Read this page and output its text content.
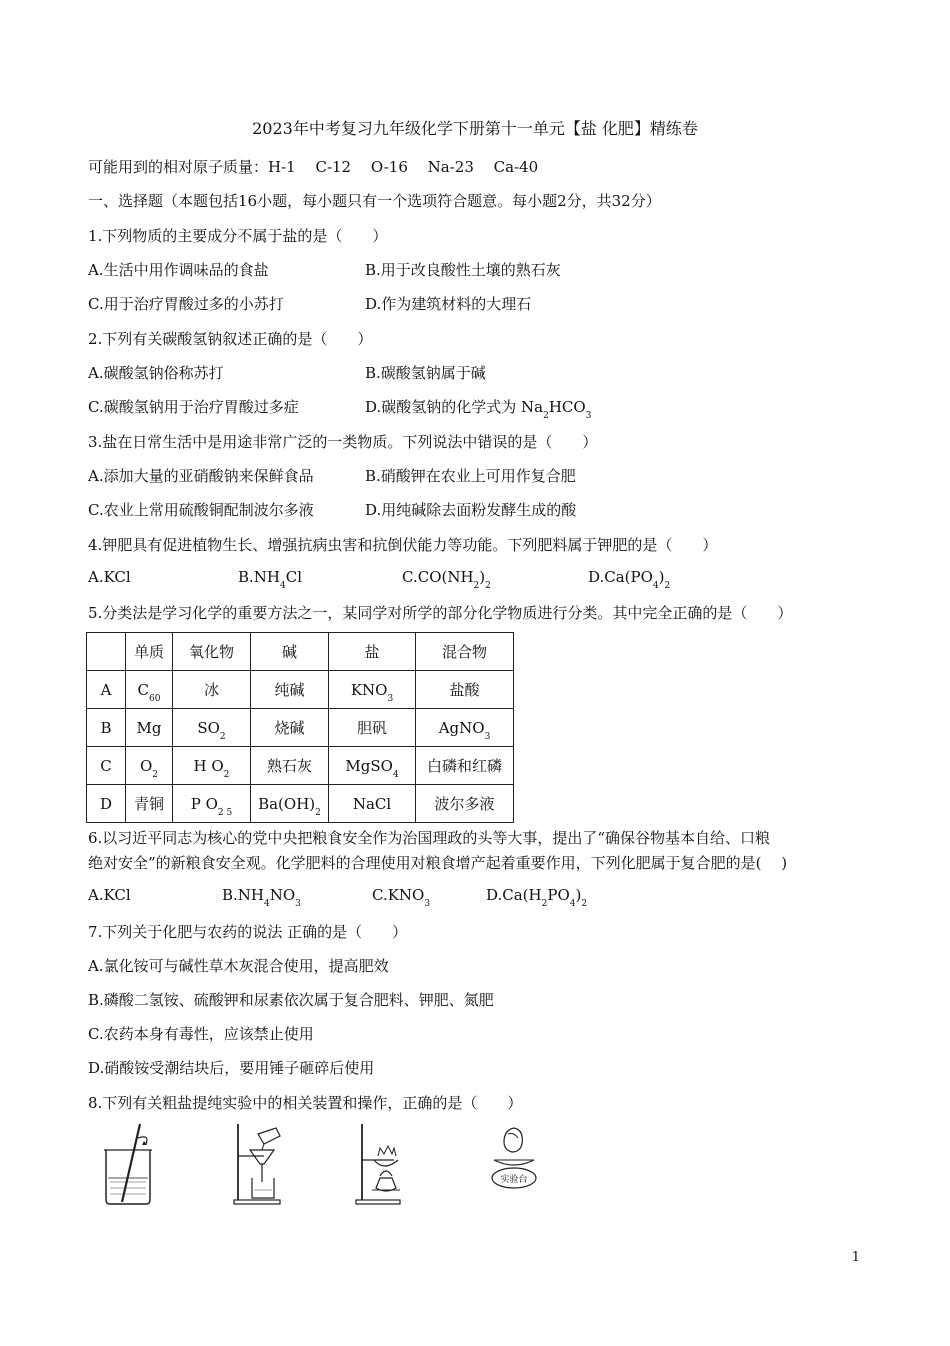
2023年中考复习九年级化学下册第十一单元【盐 化肥】精练卷
可能用到的相对原子质量：H-1　 C-12　 O-16　 Na-23　 Ca-40
一、选择题（本题包括16小题，每小题只有一个选项符合题意。每小题2分，共32分）
1.下列物质的主要成分不属于盐的是（　　）
A.生活中用作调味品的食盐	B.用于改良酸性土壤的熟石灰
C.用于治疗胃酸过多的小苏打	D.作为建筑材料的大理石
2.下列有关碳酸氢钠叙述正确的是（　　）
A.碳酸氢钠俗称苏打	B.碳酸氢钠属于碱
C.碳酸氢钠用于治疗胃酸过多症	D.碳酸氢钠的化学式为 $Na_2HCO_3$
3.盐在日常生活中是用途非常广泛的一类物质。下列说法中错误的是（　　）
A.添加大量的亚硝酸钠来保鲜食品	B.硝酸钾在农业上可用作复合肥
C.农业上常用硫酸铜配制波尔多液	D.用纯碱除去面粉发酵生成的酸
4.钾肥具有促进植物生长、增强抗病虫害和抗倒伏能力等功能。下列肥料属于钾肥的是（　　）
A.KCl	$B.NH_4Cl$	$C.CO(NH_2)_2$	$D.Ca(PO_4)_2$
5.分类法是学习化学的重要方法之一，某同学对所学的部分化学物质进行分类。其中完全正确的是（　　）
	单质	氧化物	碱	盐	混合物
A	$C_{60}$	冰	纯碱	$KNO_3$	盐酸
B	Mg	$SO_2$	烧碱	胆矾	AgNO$_3$
C	$O_2$	H $O_2$	熟石灰	MgSO$_4$	白磷和红磷
D	青铜	P $O_{2 5}$	$Ba(OH)_2$	NaCl	波尔多液
6.以习近平同志为核心的党中央把粮食安全作为治国理政的头等大事，提出了“确保谷物基本自给、口粮
绝对安全”的新粮食安全观。化学肥料的合理使用对粮食增产起着重要作用，下列化肥属于复合肥的是(　 )
A.KCl	$B.NH_4NO_3$	$C.KNO_3$	$D.Ca(H_2PO_4)_2$
7.下列关于化肥与农药的说法 正确的是（　　）
A.氯化铵可与碱性草木灰混合使用，提高肥效
B.磷酸二氢铵、硫酸钾和尿素依次属于复合肥料、钾肥、氮肥
C.农药本身有毒性，应该禁止使用
D.硝酸铵受潮结块后，要用锤子砸碎后使用
8.下列有关粗盐提纯实验中的相关装置和操作，正确的是（　　）
实验台
1
